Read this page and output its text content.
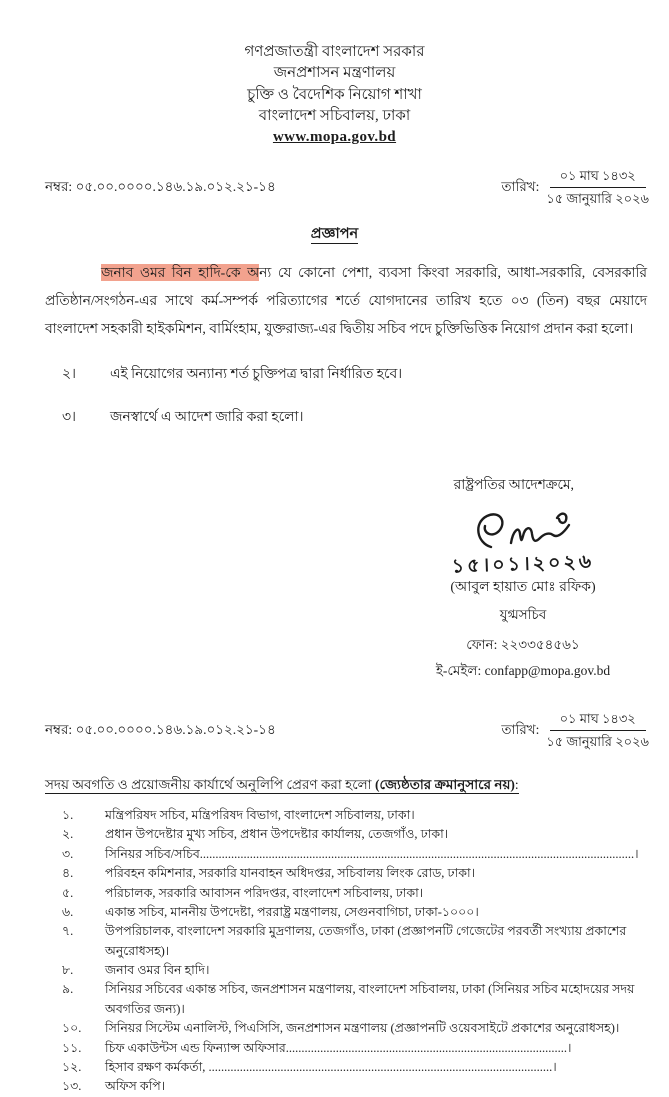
গণপ্রজাতন্ত্রী বাংলাদেশ সরকার
জনপ্রশাসন মন্ত্রণালয়
চুক্তি ও বৈদেশিক নিয়োগ শাখা
বাংলাদেশ সচিবালয়, ঢাকা
www.mopa.gov.bd
নম্বর: ০৫.০০.০০০০.১৪৬.১৯.০১২.২১-১৪	তারিখ: $\frac{\text{০১ মাঘ ১৪৩২}}{\text{১৫ জানুয়ারি ২০২৬}}$
প্রজ্ঞাপন

জনাব ওমর বিন হাদি-কে অন্য যে কোনো পেশা, ব্যবসা কিংবা সরকারি, আধা-সরকারি, বেসরকারি প্রতিষ্ঠান/সংগঠন-এর সাথে কর্ম-সম্পর্ক পরিত্যাগের শর্তে যোগদানের তারিখ হতে ০৩ (তিন) বছর মেয়াদে বাংলাদেশ সহকারী হাইকমিশন, বার্মিংহাম, যুক্তরাজ্য-এর দ্বিতীয় সচিব পদে চুক্তিভিত্তিক নিয়োগ প্রদান করা হলো।

২।	এই নিয়োগের অন্যান্য শর্ত চুক্তিপত্র দ্বারা নির্ধারিত হবে।
৩।	জনস্বার্থে এ আদেশ জারি করা হলো।
রাষ্ট্রপতির আদেশক্রমে,
১৫।০১।২০২৬
(আবুল হায়াত মোঃ রফিক)
যুগ্মসচিব
ফোন: ২২৩৩৫৪৫৬১
ই-মেইল: confapp@mopa.gov.bd
নম্বর: ০৫.০০.০০০০.১৪৬.১৯.০১২.২১-১৪	তারিখ: $\frac{\text{০১ মাঘ ১৪৩২}}{\text{১৫ জানুয়ারি ২০২৬}}$
সদয় অবগতি ও প্রয়োজনীয় কার্যার্থে অনুলিপি প্রেরণ করা হলো (জ্যেষ্ঠতার ক্রমানুসারে নয়):
১.	মন্ত্রিপরিষদ সচিব, মন্ত্রিপরিষদ বিভাগ, বাংলাদেশ সচিবালয়, ঢাকা।
২.	প্রধান উপদেষ্টার মুখ্য সচিব, প্রধান উপদেষ্টার কার্যালয়, তেজগাঁও, ঢাকা।
৩.	সিনিয়র সচিব/সচিব...........................................................................................................................................।
৪.	পরিবহন কমিশনার, সরকারি যানবাহন অধিদপ্তর, সচিবালয় লিংক রোড, ঢাকা।
৫.	পরিচালক, সরকারি আবাসন পরিদপ্তর, বাংলাদেশ সচিবালয়, ঢাকা।
৬.	একান্ত সচিব, মাননীয় উপদেষ্টা, পররাষ্ট্র মন্ত্রণালয়, সেগুনবাগিচা, ঢাকা-১০০০।
৭.	উপপরিচালক, বাংলাদেশ সরকারি মুদ্রণালয়, তেজগাঁও, ঢাকা (প্রজ্ঞাপনটি গেজেটের পরবর্তী সংখ্যায় প্রকাশের অনুরোধসহ)।
৮.	জনাব ওমর বিন হাদি।
৯.	সিনিয়র সচিবের একান্ত সচিব, জনপ্রশাসন মন্ত্রণালয়, বাংলাদেশ সচিবালয়, ঢাকা (সিনিয়র সচিব মহোদয়ের সদয় অবগতির জন্য)।
১০.	সিনিয়র সিস্টেম এনালিস্ট, পিএসিসি, জনপ্রশাসন মন্ত্রণালয় (প্রজ্ঞাপনটি ওয়েবসাইটে প্রকাশের অনুরোধসহ)।
১১.	চিফ একাউন্টস এন্ড ফিন্যান্স অফিসার..........................................................................................।
১২.	হিসাব রক্ষণ কর্মকর্তা, ..............................................................................................................।
১৩.	অফিস কপি।
